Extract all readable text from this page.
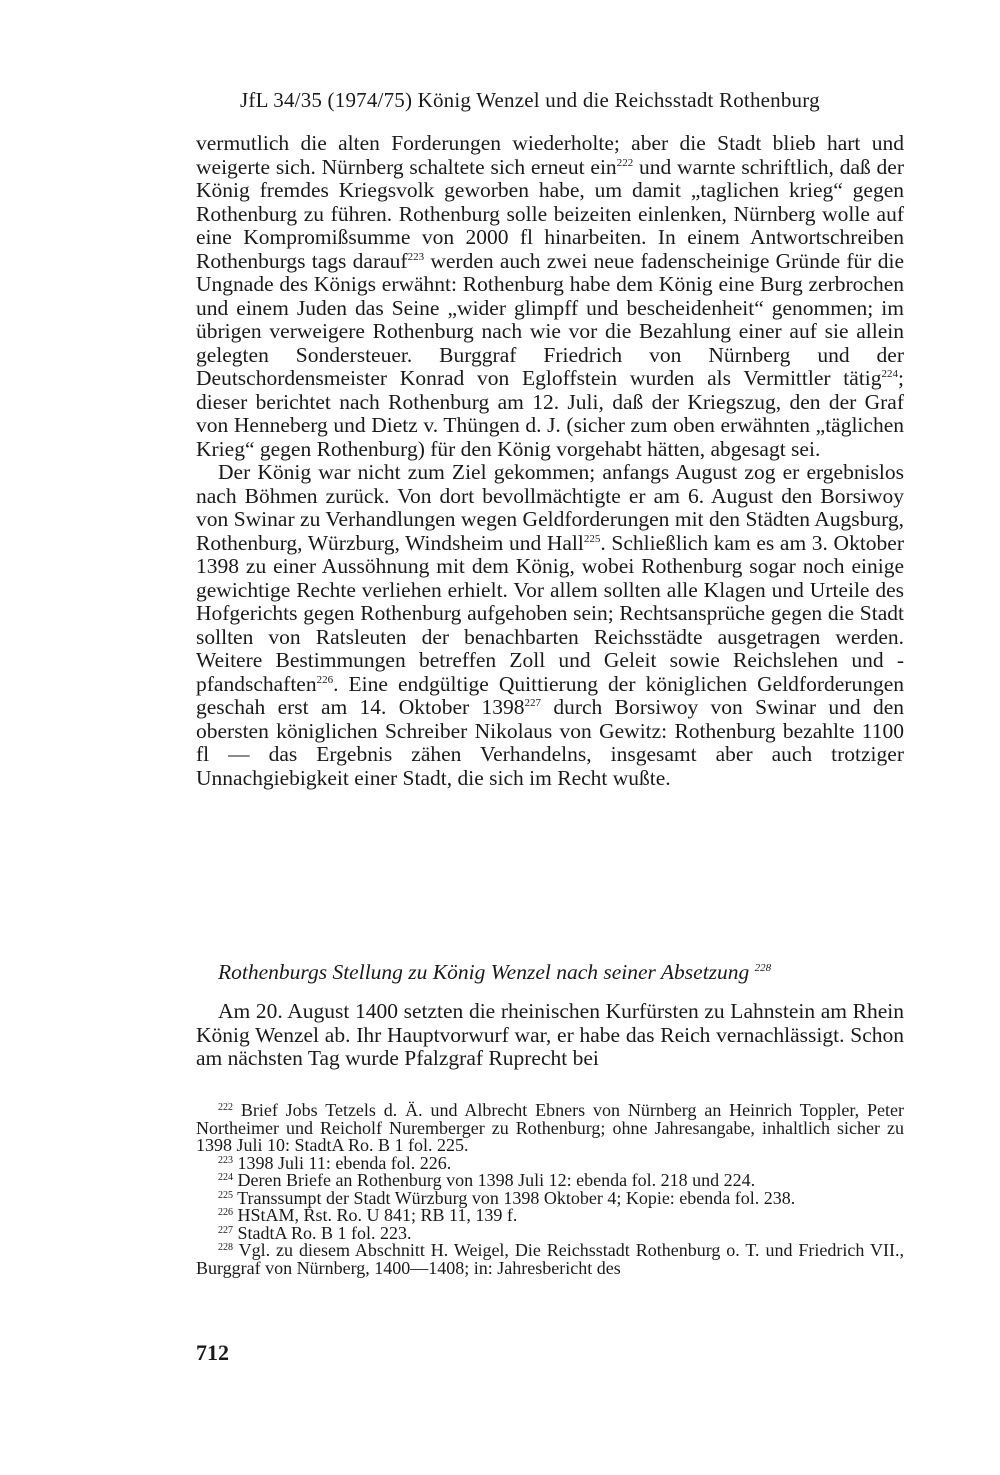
JfL 34/35 (1974/75) König Wenzel und die Reichsstadt Rothenburg

vermutlich die alten Forderungen wiederholte; aber die Stadt blieb hart und weigerte sich. Nürnberg schaltete sich erneut ein$^{222}$ und warnte schriftlich, daß der König fremdes Kriegsvolk geworben habe, um damit „taglichen krieg“ gegen Rothenburg zu führen. Rothenburg solle beizeiten einlenken, Nürnberg wolle auf eine Kompromißsumme von 2000 fl hinarbeiten. In einem Antwortschreiben Rothenburgs tags darauf$^{223}$ werden auch zwei neue fadenscheinige Gründe für die Ungnade des Königs erwähnt: Rothenburg habe dem König eine Burg zerbrochen und einem Juden das Seine „wider glimpff und bescheidenheit“ genommen; im übrigen verweigere Rothenburg nach wie vor die Bezahlung einer auf sie allein gelegten Sondersteuer. Burggraf Friedrich von Nürnberg und der Deutschordensmeister Konrad von Egloffstein wurden als Vermittler tätig$^{224}$; dieser berichtet nach Rothenburg am 12. Juli, daß der Kriegszug, den der Graf von Henneberg und Dietz v. Thüngen d. J. (sicher zum oben erwähnten „täglichen Krieg“ gegen Rothenburg) für den König vorgehabt hätten, abgesagt sei.

Der König war nicht zum Ziel gekommen; anfangs August zog er ergebnislos nach Böhmen zurück. Von dort bevollmächtigte er am 6. August den Borsiwoy von Swinar zu Verhandlungen wegen Geldforderungen mit den Städten Augsburg, Rothenburg, Würzburg, Windsheim und Hall$^{225}$. Schließlich kam es am 3. Oktober 1398 zu einer Aussöhnung mit dem König, wobei Rothenburg sogar noch einige gewichtige Rechte verliehen erhielt. Vor allem sollten alle Klagen und Urteile des Hofgerichts gegen Rothenburg aufgehoben sein; Rechtsansprüche gegen die Stadt sollten von Ratsleuten der benachbarten Reichsstädte ausgetragen werden. Weitere Bestimmungen betreffen Zoll und Geleit sowie Reichslehen und -pfandschaften$^{226}$. Eine endgültige Quittierung der königlichen Geldforderungen geschah erst am 14. Oktober 1398$^{227}$ durch Borsiwoy von Swinar und den obersten königlichen Schreiber Nikolaus von Gewitz: Rothenburg bezahlte 1100 fl — das Ergebnis zähen Verhandelns, insgesamt aber auch trotziger Unnachgiebigkeit einer Stadt, die sich im Recht wußte.

Rothenburgs Stellung zu König Wenzel nach seiner Absetzung $^{228}$

Am 20. August 1400 setzten die rheinischen Kurfürsten zu Lahnstein am Rhein König Wenzel ab. Ihr Hauptvorwurf war, er habe das Reich vernachlässigt. Schon am nächsten Tag wurde Pfalzgraf Ruprecht bei

$^{222}$ Brief Jobs Tetzels d. Ä. und Albrecht Ebners von Nürnberg an Heinrich Toppler, Peter Northeimer und Reicholf Nuremberger zu Rothenburg; ohne Jahresangabe, inhaltlich sicher zu 1398 Juli 10: StadtA Ro. B 1 fol. 225.

$^{223}$ 1398 Juli 11: ebenda fol. 226.

$^{224}$ Deren Briefe an Rothenburg von 1398 Juli 12: ebenda fol. 218 und 224.

$^{225}$ Transsumpt der Stadt Würzburg von 1398 Oktober 4; Kopie: ebenda fol. 238.

$^{226}$ HStAM, Rst. Ro. U 841; RB 11, 139 f.

$^{227}$ StadtA Ro. B 1 fol. 223.

$^{228}$ Vgl. zu diesem Abschnitt H. Weigel, Die Reichsstadt Rothenburg o. T. und Friedrich VII., Burggraf von Nürnberg, 1400—1408; in: Jahresbericht des

712
